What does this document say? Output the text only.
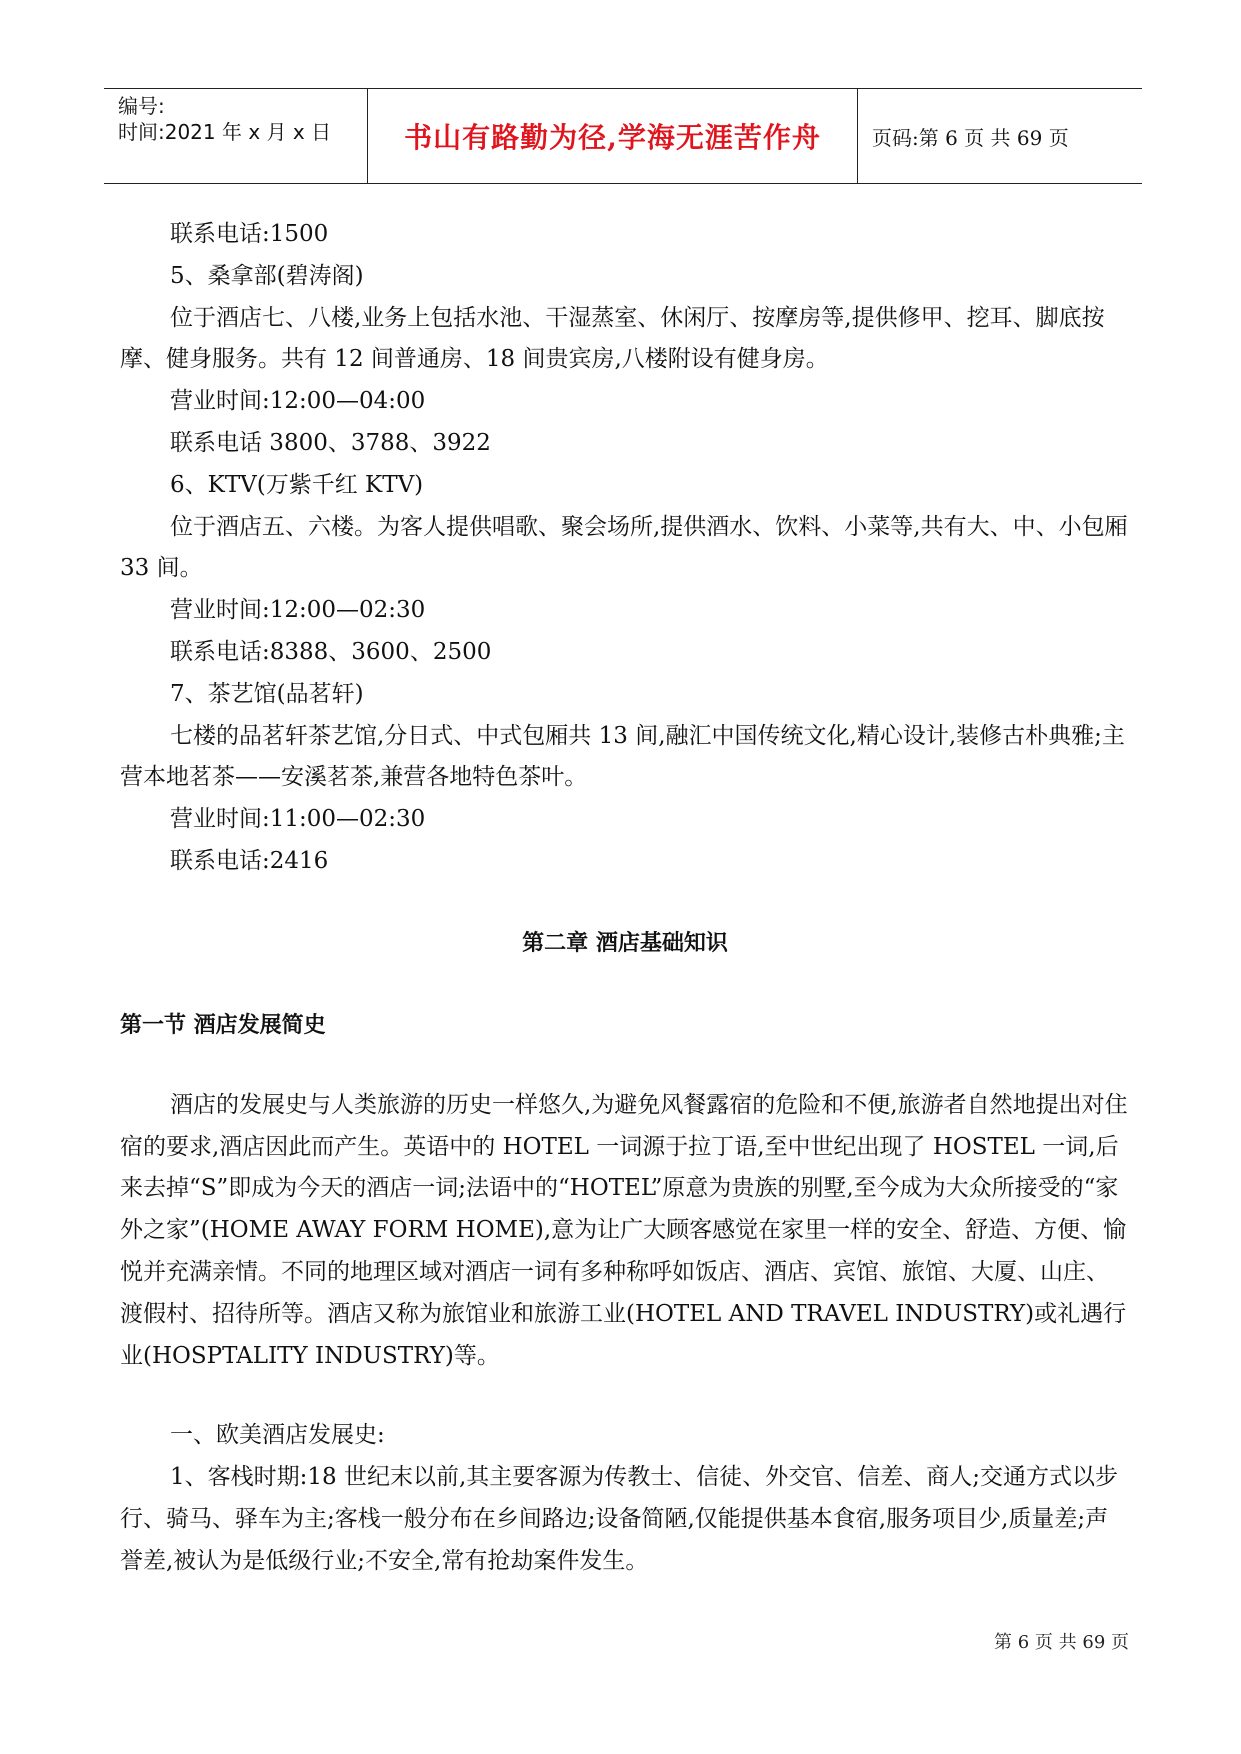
编号:
时间:2021 年 x 月 x 日	书山有路勤为径,学海无涯苦作舟	页码:第 6 页 共 69 页

联系电话:1500

5、桑拿部(碧涛阁)

位于酒店七、八楼,业务上包括水池、干湿蒸室、休闲厅、按摩房等,提供修甲、挖耳、脚底按摩、健身服务。共有 12 间普通房、18 间贵宾房,八楼附设有健身房。

营业时间:12:00—04:00

联系电话 3800、3788、3922

6、KTV(万紫千红 KTV)

位于酒店五、六楼。为客人提供唱歌、聚会场所,提供酒水、饮料、小菜等,共有大、中、小包厢 33 间。

营业时间:12:00—02:30

联系电话:8388、3600、2500

7、茶艺馆(品茗轩)

七楼的品茗轩茶艺馆,分日式、中式包厢共 13 间,融汇中国传统文化,精心设计,装修古朴典雅;主营本地茗茶——安溪茗茶,兼营各地特色茶叶。

营业时间:11:00—02:30

联系电话:2416

第二章 酒店基础知识
第一节 酒店发展简史

酒店的发展史与人类旅游的历史一样悠久,为避免风餐露宿的危险和不便,旅游者自然地提出对住宿的要求,酒店因此而产生。英语中的 HOTEL 一词源于拉丁语,至中世纪出现了 HOSTEL 一词,后来去掉“S”即成为今天的酒店一词;法语中的“HOTEL”原意为贵族的别墅,至今成为大众所接受的“家外之家”(HOME AWAY FORM HOME),意为让广大顾客感觉在家里一样的安全、舒造、方便、愉悦并充满亲情。不同的地理区域对酒店一词有多种称呼如饭店、酒店、宾馆、旅馆、大厦、山庄、渡假村、招待所等。酒店又称为旅馆业和旅游工业(HOTEL AND TRAVEL INDUSTRY)或礼遇行业(HOSPTALITY INDUSTRY)等。

一、欧美酒店发展史:

1、客栈时期:18 世纪末以前,其主要客源为传教士、信徒、外交官、信差、商人;交通方式以步行、骑马、驿车为主;客栈一般分布在乡间路边;设备简陋,仅能提供基本食宿,服务项目少,质量差;声誉差,被认为是低级行业;不安全,常有抢劫案件发生。

第 6 页 共 69 页
